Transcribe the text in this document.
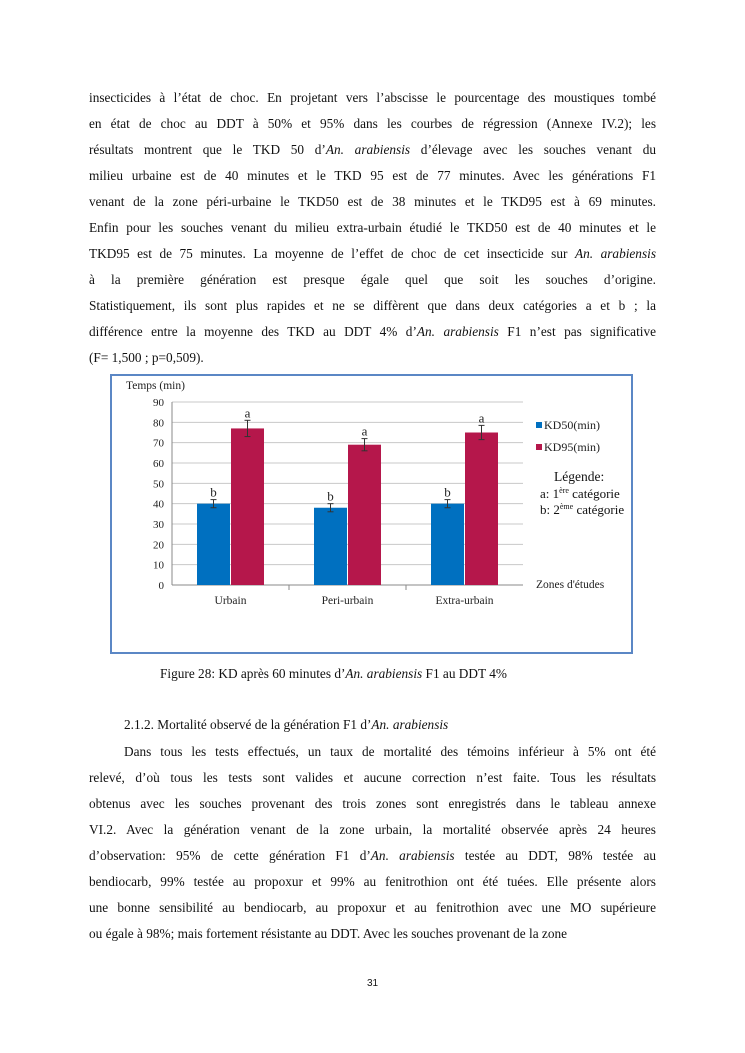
insecticides à l’état de choc. En projetant vers l’abscisse le pourcentage des moustiques tombé
en état de choc au DDT à 50% et 95% dans les courbes de régression (Annexe IV.2); les
résultats montrent que le TKD 50 d’An. arabiensis d’élevage avec les souches venant du
milieu urbaine est de 40 minutes et le TKD 95 est de 77 minutes. Avec les générations F1
venant de la zone péri-urbaine le TKD50 est de 38 minutes et le TKD95 est à 69 minutes.
Enfin pour les souches venant du milieu extra-urbain étudié le TKD50 est de 40 minutes et le
TKD95 est de 75 minutes. La moyenne de l’effet de choc de cet insecticide sur An. arabiensis
à la première génération est presque égale quel que soit les souches d’origine.
Statistiquement, ils sont plus rapides et ne se diffèrent que dans deux catégories a et b ; la
différence entre la moyenne des TKD au DDT 4% d’An. arabiensis F1 n’est pas significative
(F= 1,500 ; p=0,509).
0
10
20
30
40
50
60
70
80
90
Temps (min)
Urbain
b
a
Peri-urbain
b
a
Extra-urbain
b
a	KD50(min)
KD95(min)
Légende:
a: 1ère catégorie
b: 2ème catégorie
Zones d'études
Figure 28: KD après 60 minutes d’An. arabiensis F1 au DDT 4%
2.1.2. Mortalité observé de la génération F1 d’An. arabiensis
Dans tous les tests effectués, un taux de mortalité des témoins inférieur à 5% ont été
relevé, d’où tous les tests sont valides et aucune correction n’est faite. Tous les résultats
obtenus avec les souches provenant des trois zones sont enregistrés dans le tableau annexe
VI.2. Avec la génération venant de la zone urbain, la mortalité observée après 24 heures
d’observation: 95% de cette génération F1 d’An. arabiensis testée au DDT, 98% testée au
bendiocarb, 99% testée au propoxur et 99% au fenitrothion ont été tuées. Elle présente alors
une bonne sensibilité au bendiocarb, au propoxur et au fenitrothion avec une MO supérieure
ou égale à 98%; mais fortement résistante au DDT. Avec les souches provenant de la zone
31
